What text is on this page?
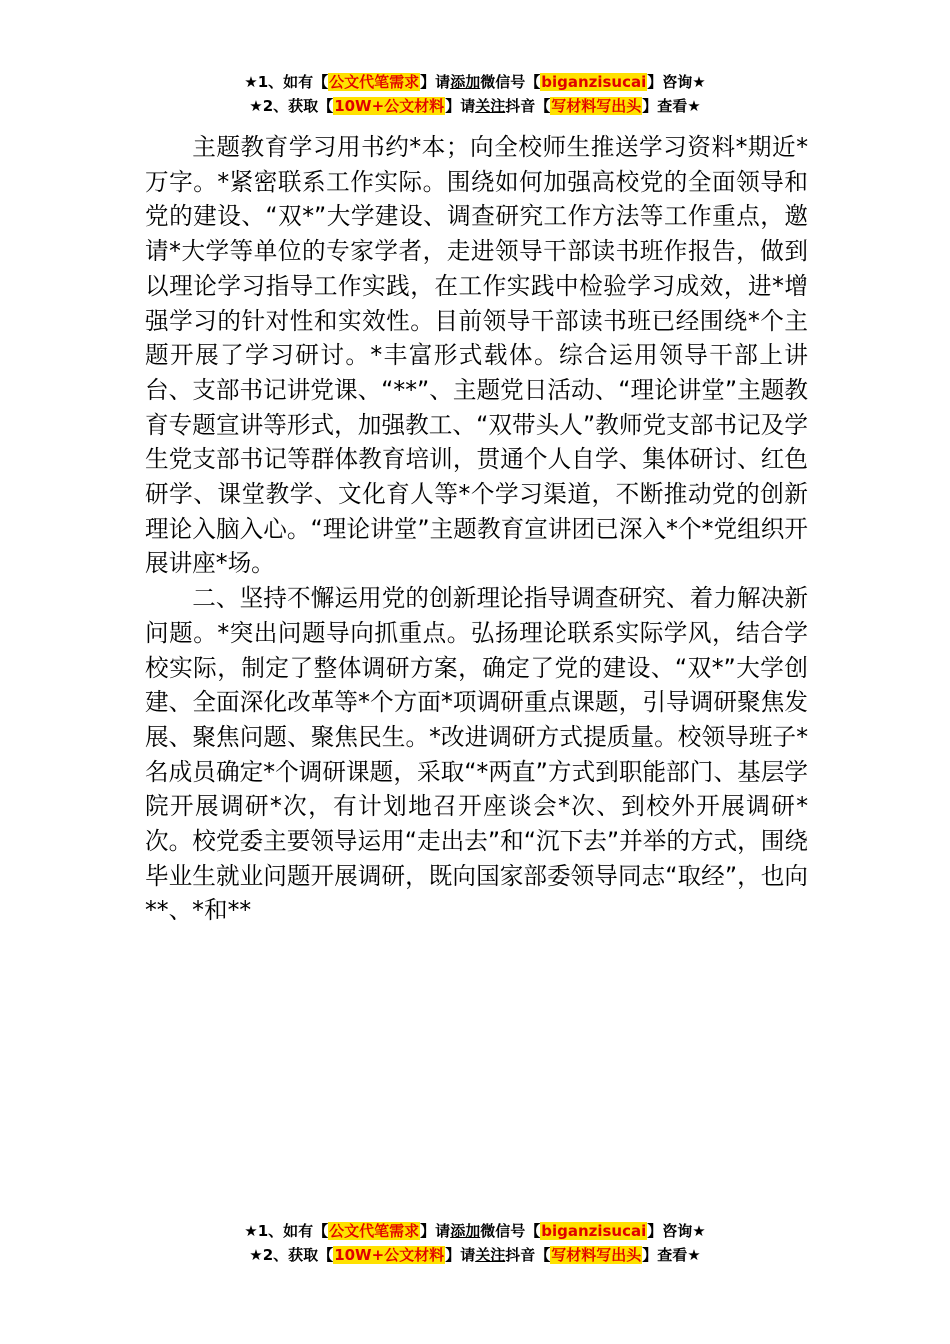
★1、如有【公文代笔需求】请添加微信号【biganzisucai】咨询★
★2、获取【10W+公文材料】请关注抖音【写材料写出头】查看★

主题教育学习用书约*本；向全校师生推送学习资料*期近*万字。*紧密联系工作实际。围绕如何加强高校党的全面领导和党的建设、“双*”大学建设、调查研究工作方法等工作重点，邀请*大学等单位的专家学者，走进领导干部读书班作报告，做到以理论学习指导工作实践，在工作实践中检验学习成效，进*增强学习的针对性和实效性。目前领导干部读书班已经围绕*个主题开展了学习研讨。*丰富形式载体。综合运用领导干部上讲台、支部书记讲党课、“**”、主题党日活动、“理论讲堂”主题教育专题宣讲等形式，加强教工、“双带头人”教师党支部书记及学生党支部书记等群体教育培训，贯通个人自学、集体研讨、红色研学、课堂教学、文化育人等*个学习渠道，不断推动党的创新理论入脑入心。“理论讲堂”主题教育宣讲团已深入*个*党组织开展讲座*场。

二、坚持不懈运用党的创新理论指导调查研究、着力解决新问题。*突出问题导向抓重点。弘扬理论联系实际学风，结合学校实际，制定了整体调研方案，确定了党的建设、“双*”大学创建、全面深化改革等*个方面*项调研重点课题，引导调研聚焦发展、聚焦问题、聚焦民生。*改进调研方式提质量。校领导班子*名成员确定*个调研课题，采取“*两直”方式到职能部门、基层学院开展调研*次，有计划地召开座谈会*次、到校外开展调研*次。校党委主要领导运用“走出去”和“沉下去”并举的方式，围绕毕业生就业问题开展调研，既向国家部委领导同志“取经”，也向**、*和**

★1、如有【公文代笔需求】请添加微信号【biganzisucai】咨询★
★2、获取【10W+公文材料】请关注抖音【写材料写出头】查看★
